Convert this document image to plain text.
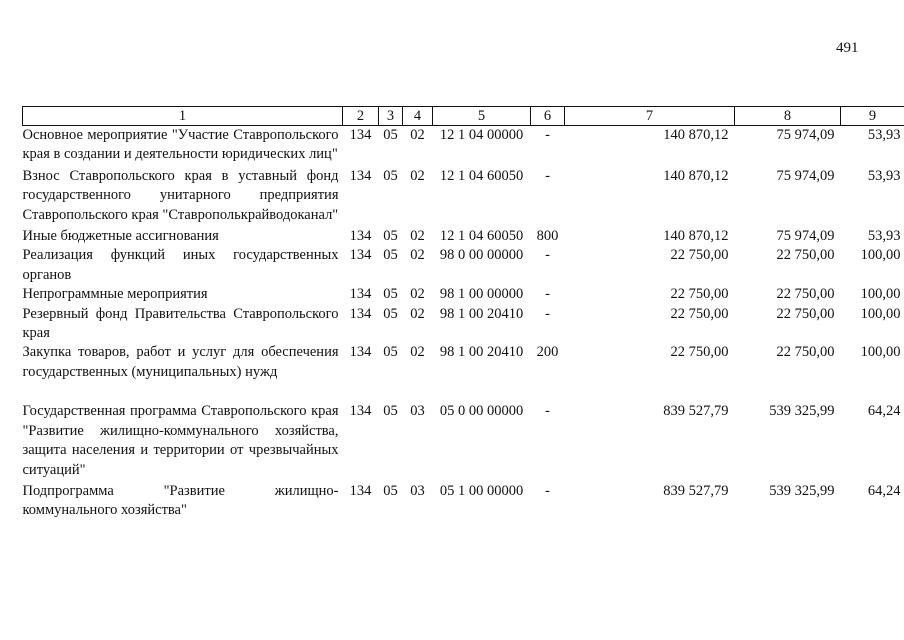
491
1	2	3	4	5	6	7	8	9
Основное мероприятие "Участие Ставропольского края в создании и деятельности юридических лиц"	134	05	02	12 1 04 00000	-	140 870,12	75 974,09	53,93
Взнос Ставропольского края в уставный фонд государственного унитарного предприятия Ставропольского края "Ставрополькрайводоканал"	134	05	02	12 1 04 60050	-	140 870,12	75 974,09	53,93
Иные бюджетные ассигнования	134	05	02	12 1 04 60050	800	140 870,12	75 974,09	53,93
Реализация функций иных государственных органов	134	05	02	98 0 00 00000	-	22 750,00	22 750,00	100,00
Непрограммные мероприятия	134	05	02	98 1 00 00000	-	22 750,00	22 750,00	100,00
Резервный фонд Правительства Ставропольского края	134	05	02	98 1 00 20410	-	22 750,00	22 750,00	100,00
Закупка товаров, работ и услуг для обеспечения государственных (муниципальных) нужд	134	05	02	98 1 00 20410	200	22 750,00	22 750,00	100,00

Государственная программа Ставропольского края "Развитие жилищно-коммунального хозяйства, защита населения и территории от чрезвычайных ситуаций"	134	05	03	05 0 00 00000	-	839 527,79	539 325,99	64,24
Подпрограмма "Развитие жилищно-коммунального хозяйства"	134	05	03	05 1 00 00000	-	839 527,79	539 325,99	64,24
